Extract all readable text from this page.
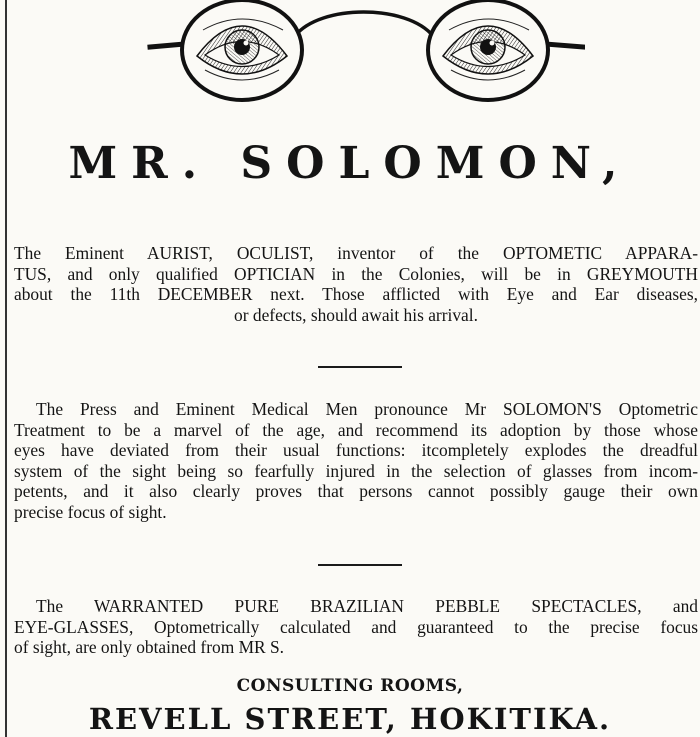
MR. SOLOMON,
The Eminent AURIST, OCULIST, inventor of the OPTOMETIC APPARA-
TUS, and only qualified OPTICIAN in the Colonies, will be in GREYMOUTH
about the 11th DECEMBER next. Those afflicted with Eye and Ear diseases,
or defects, should await his arrival.
The Press and Eminent Medical Men pronounce Mr SOLOMON'S Optometric
Treatment to be a marvel of the age, and recommend its adoption by those whose
eyes have deviated from their usual functions: itcompletely explodes the dreadful
system of the sight being so fearfully injured in the selection of glasses from incom-
petents, and it also clearly proves that persons cannot possibly gauge their own
precise focus of sight.
The WARRANTED PURE BRAZILIAN PEBBLE SPECTACLES, and
EYE-GLASSES, Optometrically calculated and guaranteed to the precise focus
of sight, are only obtained from MR S.
CONSULTING ROOMS,
REVELL STREET, HOKITIKA.
